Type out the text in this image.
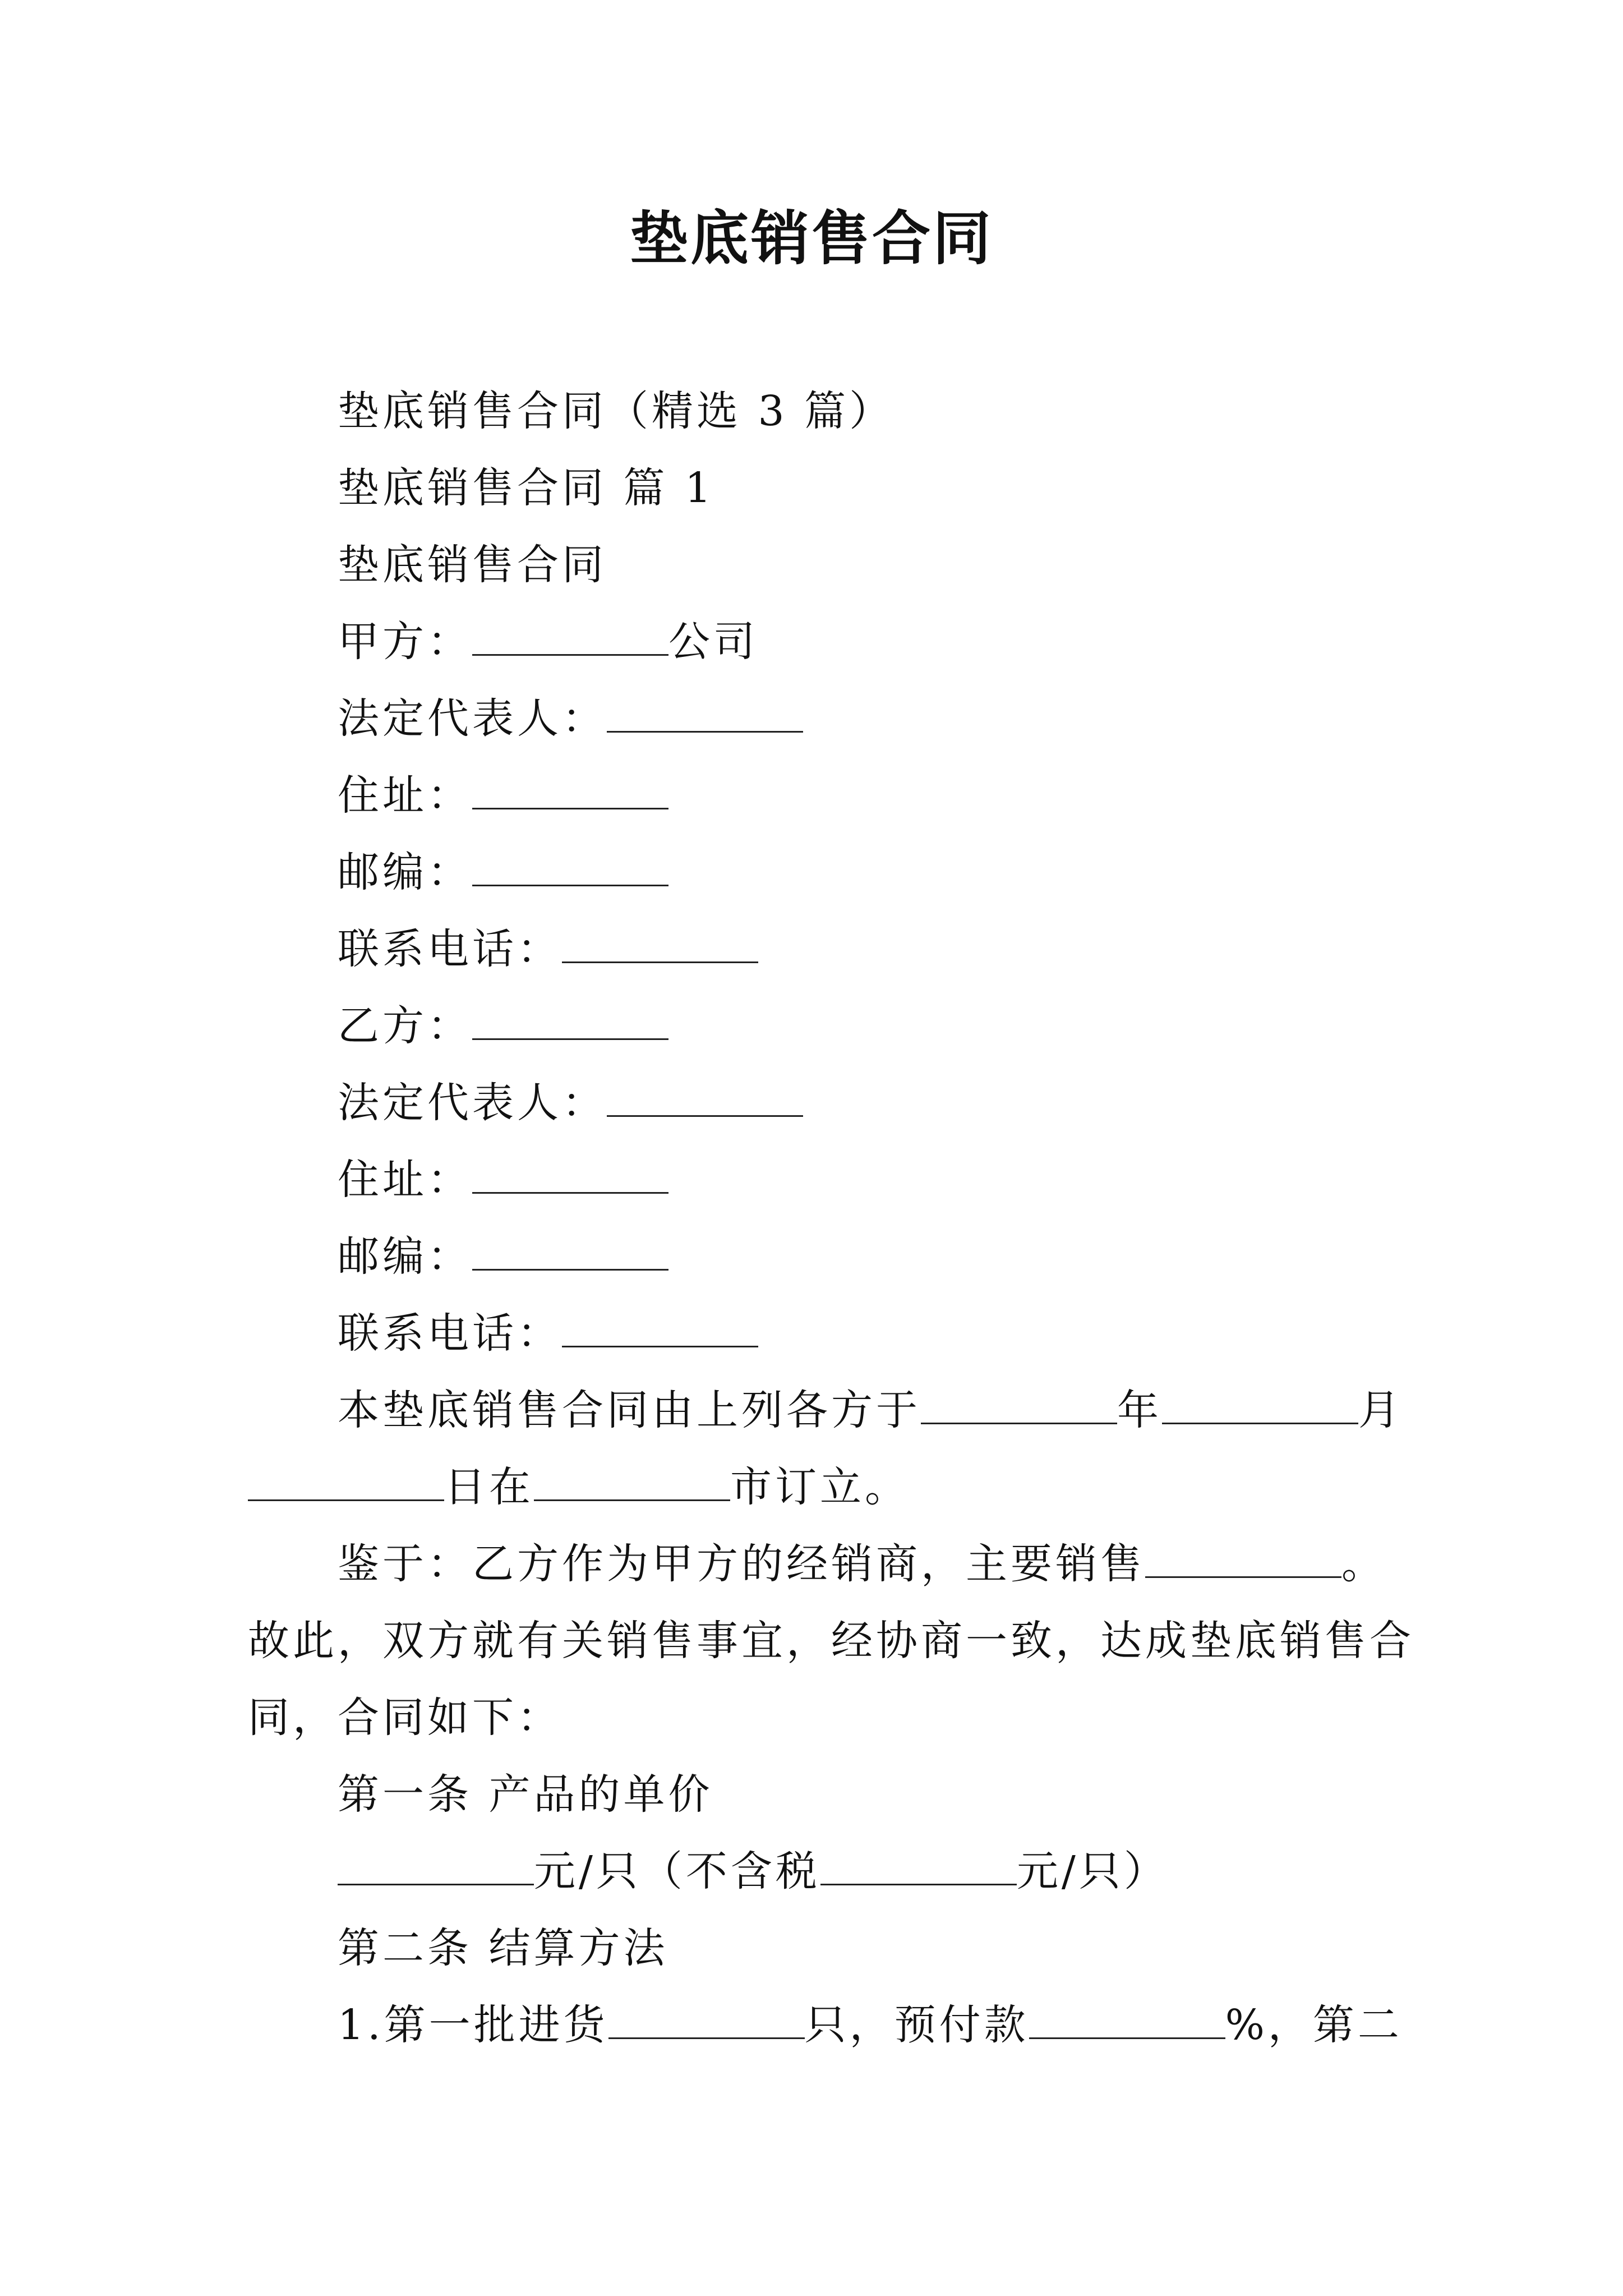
垫底销售合同

垫底销售合同（精选 3 篇）

垫底销售合同 篇 1

垫底销售合同

甲方：	公司

法定代表人：

住址：

邮编：

联系电话：

乙方：

法定代表人：

住址：

邮编：

联系电话：

本垫底销售合同由上列各方于	年	月

日在	市订立。

鉴于：乙方作为甲方的经销商，主要销售	。

故此，双方就有关销售事宜，经协商一致，达成垫底销售合

同，合同如下：

第一条 产品的单价

元/只（不含税	元/只）

第二条 结算方法

1.第一批进货	只，预付款	%，第二
